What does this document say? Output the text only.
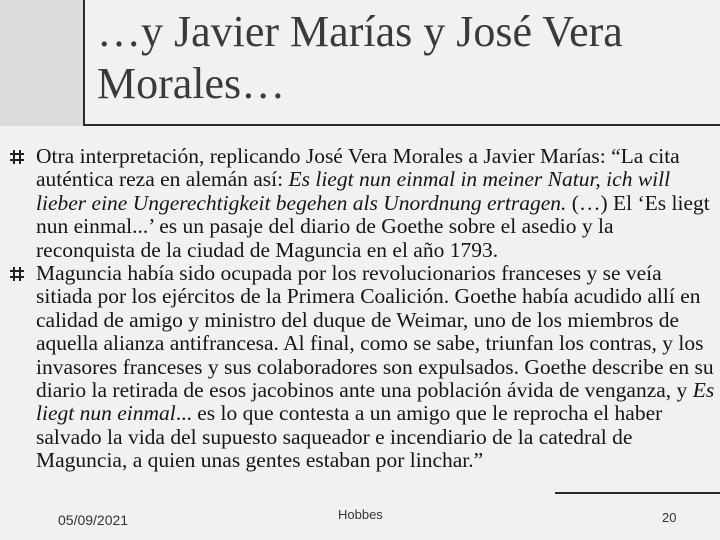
…y Javier Marías y José Vera Morales…

Otra interpretación, replicando José Vera Morales a Javier Marías: “La cita auténtica reza en alemán así: Es liegt nun einmal in meiner Natur, ich will lieber eine Ungerechtigkeit begehen als Unordnung ertragen. (…) El ‘Es liegt nun einmal...’ es un pasaje del diario de Goethe sobre el asedio y la reconquista de la ciudad de Maguncia en el año 1793.

Maguncia había sido ocupada por los revolucionarios franceses y se veía sitiada por los ejércitos de la Primera Coalición. Goethe había acudido allí en calidad de amigo y ministro del duque de Weimar, uno de los miembros de aquella alianza antifrancesa. Al final, como se sabe, triunfan los contras, y los invasores franceses y sus colaboradores son expulsados. Goethe describe en su diario la retirada de esos jacobinos ante una población ávida de venganza, y Es liegt nun einmal... es lo que contesta a un amigo que le reprocha el haber salvado la vida del supuesto saqueador e incendiario de la catedral de Maguncia, a quien unas gentes estaban por linchar.”

05/09/2021	Hobbes	20
